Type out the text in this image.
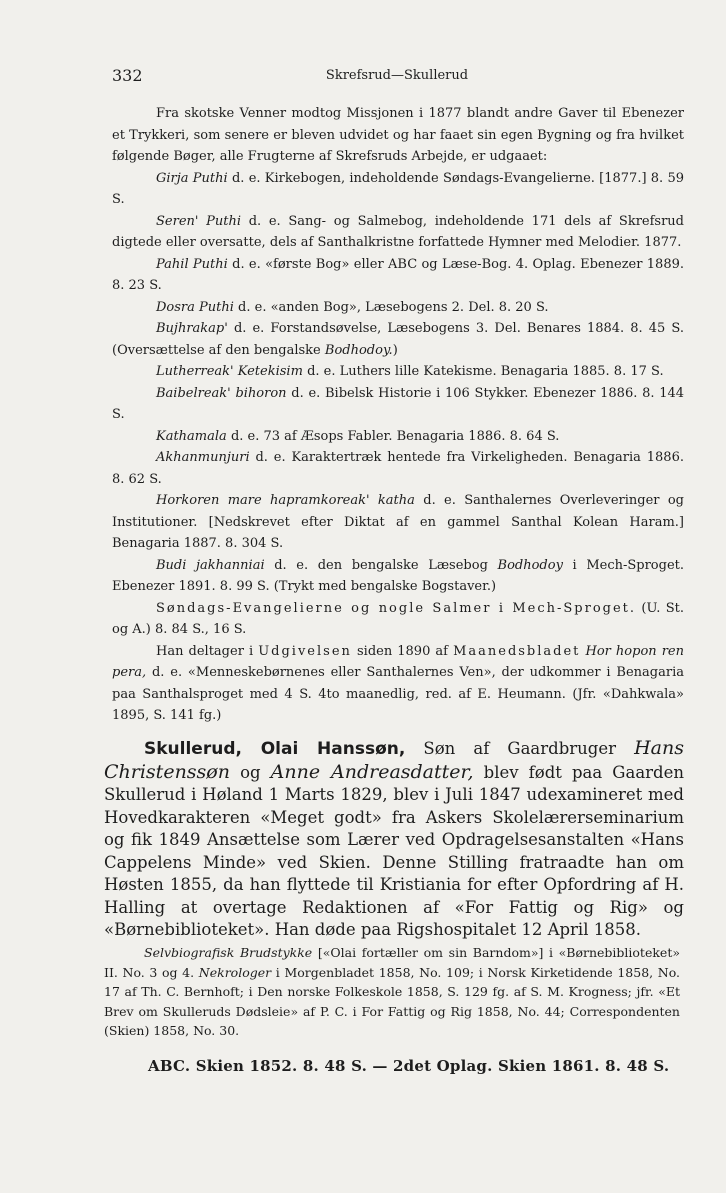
332	Skrefsrud—Skullerud

Fra skotske Venner modtog Missjonen i 1877 blandt andre Gaver til Ebenezer et Trykkeri, som senere er bleven udvidet og har faaet sin egen Bygning og fra hvilket følgende Bøger, alle Frugterne af Skrefsruds Arbejde, er udgaaet:

Girja Puthi d. e. Kirkebogen, indeholdende Søndags-Evangelierne. [1877.] 8. 59 S.

Seren' Puthi d. e. Sang- og Salmebog, indeholdende 171 dels af Skrefsrud digtede eller oversatte, dels af Santhalkristne forfattede Hymner med Melodier. 1877.

Pahil Puthi d. e. «første Bog» eller ABC og Læse-Bog. 4. Oplag. Ebenezer 1889. 8. 23 S.

Dosra Puthi d. e. «anden Bog», Læsebogens 2. Del. 8. 20 S.

Bujhrakap' d. e. Forstandsøvelse, Læsebogens 3. Del. Benares 1884. 8. 45 S. (Oversættelse af den bengalske Bodhodoy.)

Lutherreak' Ketekisim d. e. Luthers lille Katekisme. Benagaria 1885. 8. 17 S.

Baibelreak' bihoron d. e. Bibelsk Historie i 106 Stykker. Ebenezer 1886. 8. 144 S.

Kathamala d. e. 73 af Æsops Fabler. Benagaria 1886. 8. 64 S.

Akhanmunjuri d. e. Karaktertræk hentede fra Virkeligheden. Benagaria 1886. 8. 62 S.

Horkoren mare hapramkoreak' katha d. e. Santhalernes Overleveringer og Institutioner. [Nedskrevet efter Diktat af en gammel Santhal Kolean Haram.] Benagaria 1887. 8. 304 S.

Budi jakhanniai d. e. den bengalske Læsebog Bodhodoy i Mech-Sproget. Ebenezer 1891. 8. 99 S. (Trykt med bengalske Bogstaver.)

Søndags-Evangelierne og nogle Salmer i Mech-Sproget. (U. St. og A.) 8. 84 S., 16 S.

Han deltager i Udgivelsen siden 1890 af Maanedsbladet Hor hopon ren pera, d. e. «Menneskebørnenes eller Santhalernes Ven», der udkommer i Benagaria paa Santhalsproget med 4 S. 4to maanedlig, red. af E. Heumann. (Jfr. «Dahkwala» 1895, S. 141 fg.)

Skullerud, Olai Hanssøn, Søn af Gaardbruger Hans Christenssøn og Anne Andreasdatter, blev født paa Gaarden Skullerud i Høland 1 Marts 1829, blev i Juli 1847 udexamineret med Hovedkarakteren «Meget godt» fra Askers Skolelærerseminarium og fik 1849 Ansættelse som Lærer ved Opdragelsesanstalten «Hans Cappelens Minde» ved Skien. Denne Stilling fratraadte han om Høsten 1855, da han flyttede til Kristiania for efter Opfordring af H. Halling at overtage Redaktionen af «For Fattig og Rig» og «Børnebiblioteket». Han døde paa Rigshospitalet 12 April 1858.

Selvbiografisk Brudstykke [«Olai fortæller om sin Barndom»] i «Børnebiblioteket» II. No. 3 og 4. Nekrologer i Morgenbladet 1858, No. 109; i Norsk Kirketidende 1858, No. 17 af Th. C. Bernhoft; i Den norske Folkeskole 1858, S. 129 fg. af S. M. Krogness; jfr. «Et Brev om Skulleruds Dødsleie» af P. C. i For Fattig og Rig 1858, No. 44; Correspondenten (Skien) 1858, No. 30.

ABC. Skien 1852. 8. 48 S. — 2det Oplag. Skien 1861. 8. 48 S.
